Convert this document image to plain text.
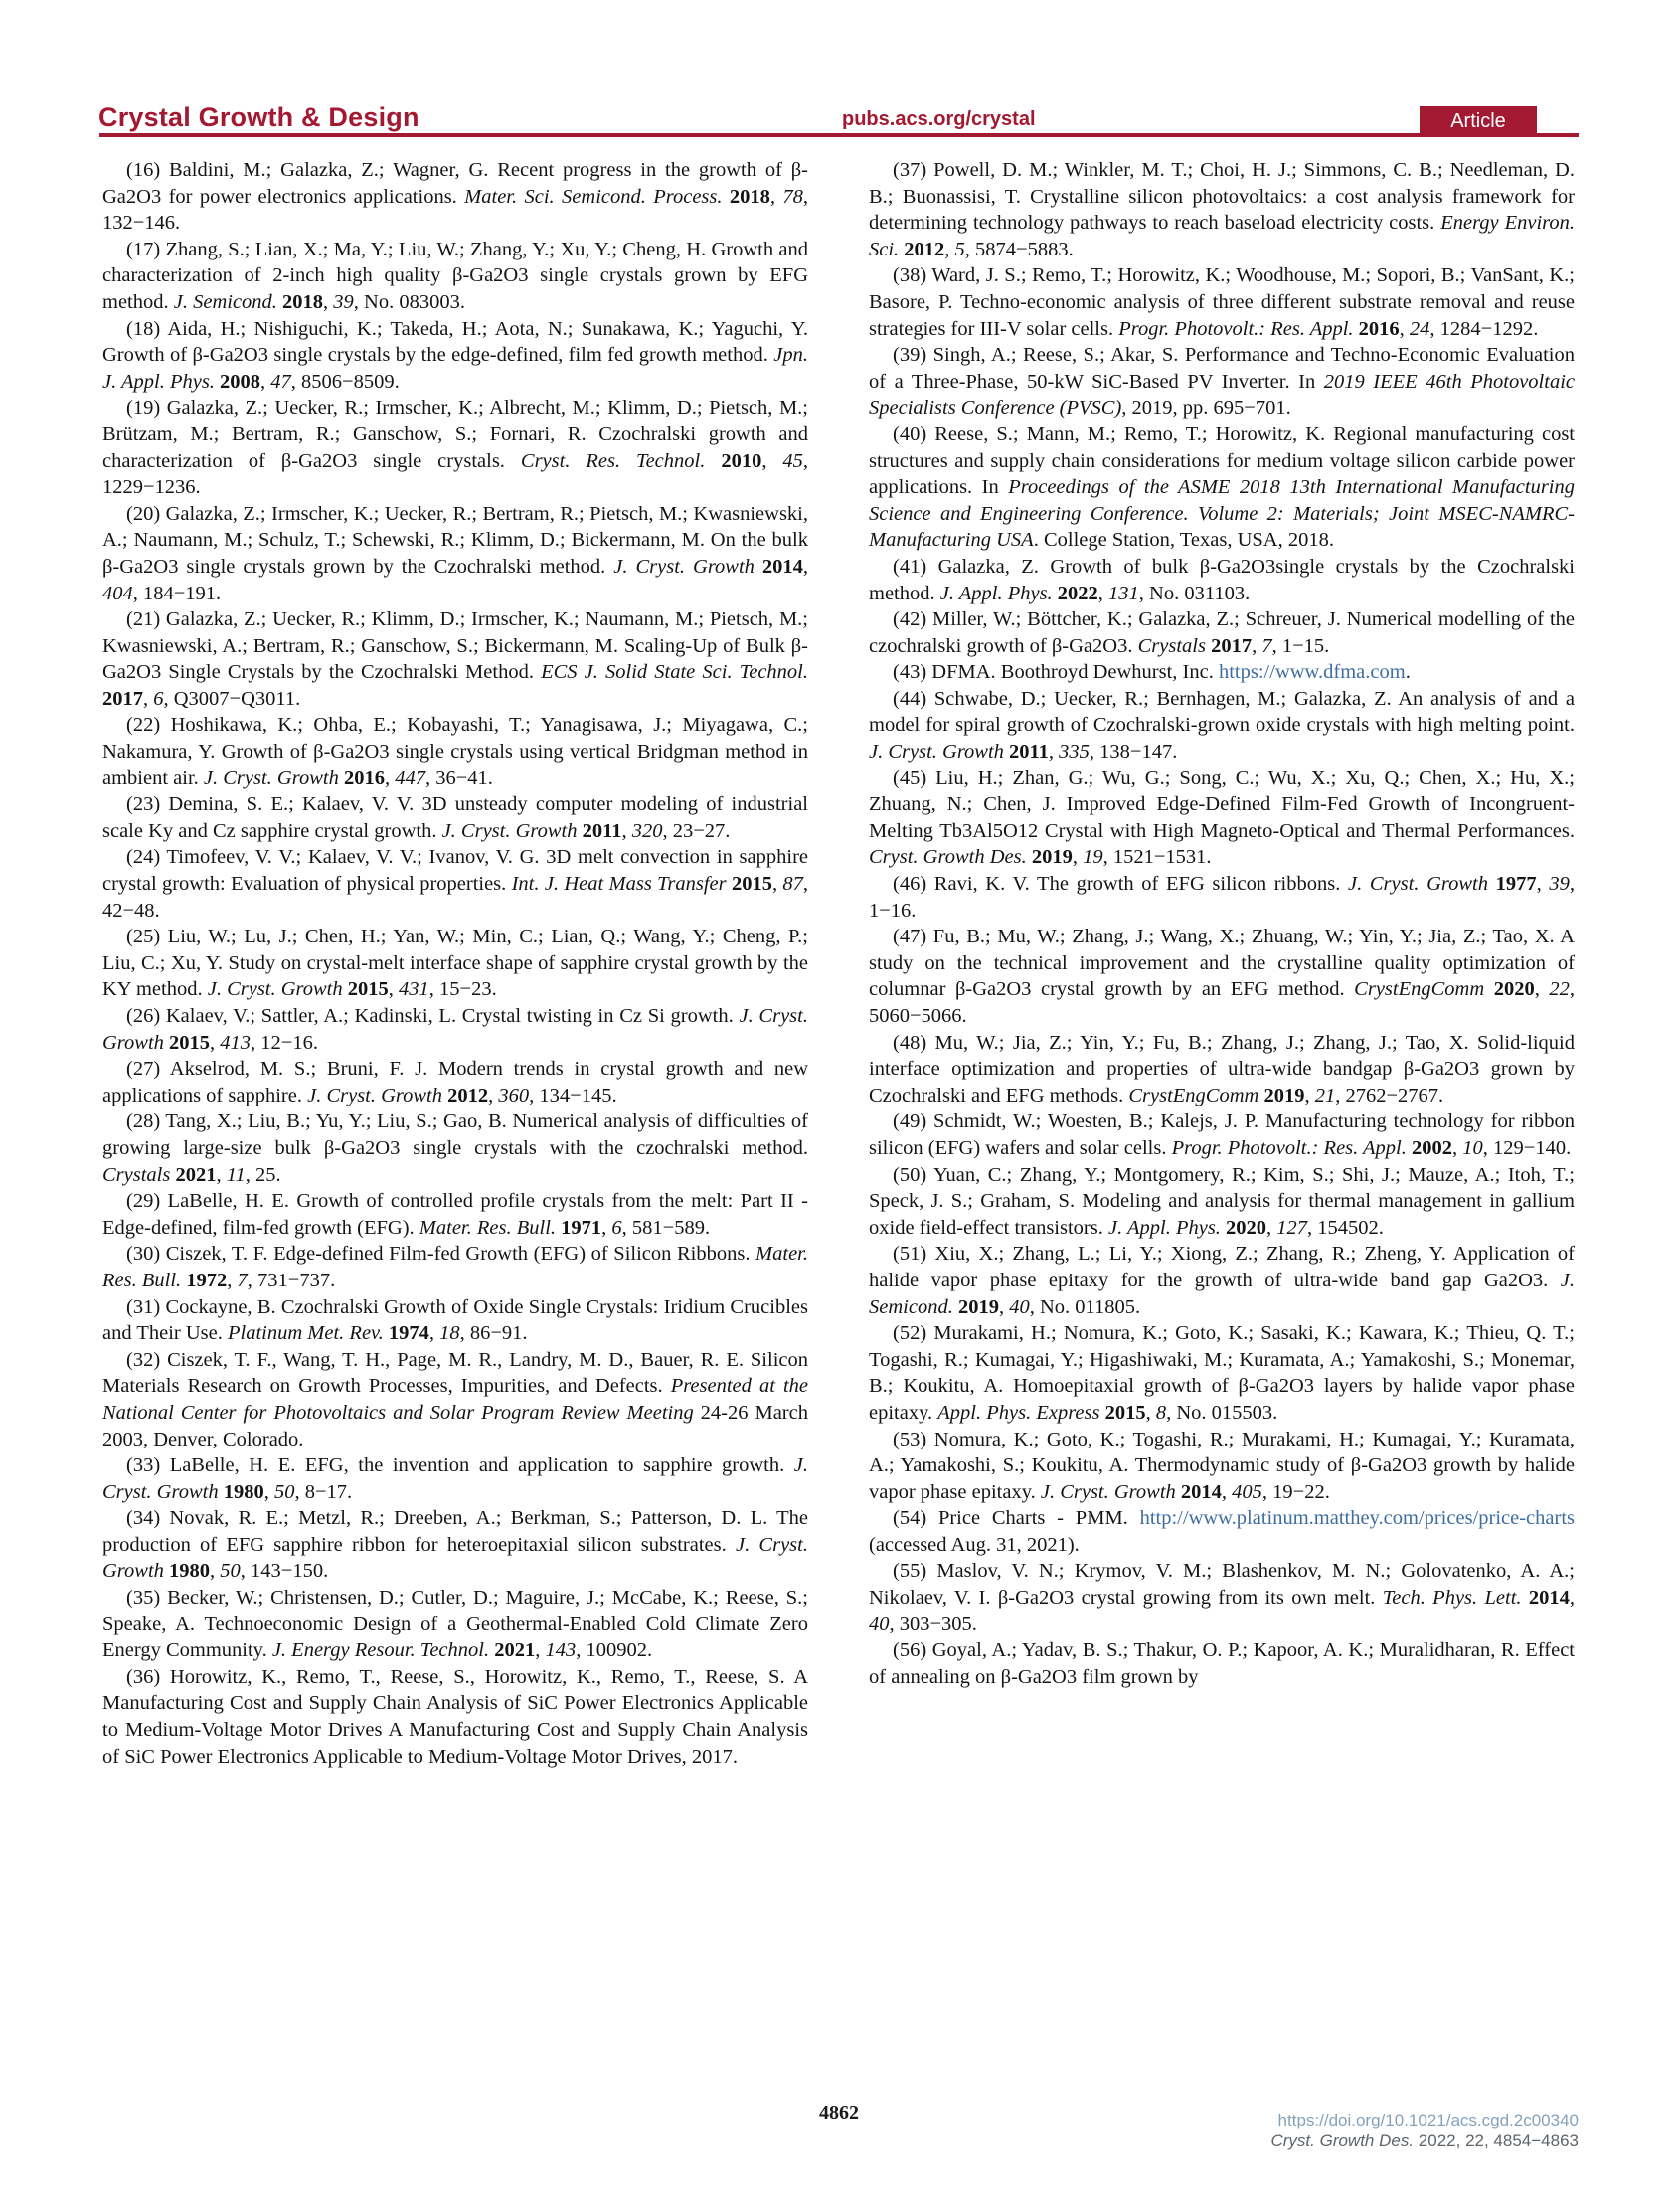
Crystal Growth & Design	pubs.acs.org/crystal	Article

(16) Baldini, M.; Galazka, Z.; Wagner, G. Recent progress in the growth of β-Ga2O3 for power electronics applications. Mater. Sci. Semicond. Process. 2018, 78, 132−146.

(17) Zhang, S.; Lian, X.; Ma, Y.; Liu, W.; Zhang, Y.; Xu, Y.; Cheng, H. Growth and characterization of 2-inch high quality β-Ga2O3 single crystals grown by EFG method. J. Semicond. 2018, 39, No. 083003.

(18) Aida, H.; Nishiguchi, K.; Takeda, H.; Aota, N.; Sunakawa, K.; Yaguchi, Y. Growth of β-Ga2O3 single crystals by the edge-defined, film fed growth method. Jpn. J. Appl. Phys. 2008, 47, 8506−8509.

(19) Galazka, Z.; Uecker, R.; Irmscher, K.; Albrecht, M.; Klimm, D.; Pietsch, M.; Brützam, M.; Bertram, R.; Ganschow, S.; Fornari, R. Czochralski growth and characterization of β-Ga2O3 single crystals. Cryst. Res. Technol. 2010, 45, 1229−1236.

(20) Galazka, Z.; Irmscher, K.; Uecker, R.; Bertram, R.; Pietsch, M.; Kwasniewski, A.; Naumann, M.; Schulz, T.; Schewski, R.; Klimm, D.; Bickermann, M. On the bulk β-Ga2O3 single crystals grown by the Czochralski method. J. Cryst. Growth 2014, 404, 184−191.

(21) Galazka, Z.; Uecker, R.; Klimm, D.; Irmscher, K.; Naumann, M.; Pietsch, M.; Kwasniewski, A.; Bertram, R.; Ganschow, S.; Bickermann, M. Scaling-Up of Bulk β-Ga2O3 Single Crystals by the Czochralski Method. ECS J. Solid State Sci. Technol. 2017, 6, Q3007−Q3011.

(22) Hoshikawa, K.; Ohba, E.; Kobayashi, T.; Yanagisawa, J.; Miyagawa, C.; Nakamura, Y. Growth of β-Ga2O3 single crystals using vertical Bridgman method in ambient air. J. Cryst. Growth 2016, 447, 36−41.

(23) Demina, S. E.; Kalaev, V. V. 3D unsteady computer modeling of industrial scale Ky and Cz sapphire crystal growth. J. Cryst. Growth 2011, 320, 23−27.

(24) Timofeev, V. V.; Kalaev, V. V.; Ivanov, V. G. 3D melt convection in sapphire crystal growth: Evaluation of physical properties. Int. J. Heat Mass Transfer 2015, 87, 42−48.

(25) Liu, W.; Lu, J.; Chen, H.; Yan, W.; Min, C.; Lian, Q.; Wang, Y.; Cheng, P.; Liu, C.; Xu, Y. Study on crystal-melt interface shape of sapphire crystal growth by the KY method. J. Cryst. Growth 2015, 431, 15−23.

(26) Kalaev, V.; Sattler, A.; Kadinski, L. Crystal twisting in Cz Si growth. J. Cryst. Growth 2015, 413, 12−16.

(27) Akselrod, M. S.; Bruni, F. J. Modern trends in crystal growth and new applications of sapphire. J. Cryst. Growth 2012, 360, 134−145.

(28) Tang, X.; Liu, B.; Yu, Y.; Liu, S.; Gao, B. Numerical analysis of difficulties of growing large-size bulk β-Ga2O3 single crystals with the czochralski method. Crystals 2021, 11, 25.

(29) LaBelle, H. E. Growth of controlled profile crystals from the melt: Part II - Edge-defined, film-fed growth (EFG). Mater. Res. Bull. 1971, 6, 581−589.

(30) Ciszek, T. F. Edge-defined Film-fed Growth (EFG) of Silicon Ribbons. Mater. Res. Bull. 1972, 7, 731−737.

(31) Cockayne, B. Czochralski Growth of Oxide Single Crystals: Iridium Crucibles and Their Use. Platinum Met. Rev. 1974, 18, 86−91.

(32) Ciszek, T. F., Wang, T. H., Page, M. R., Landry, M. D., Bauer, R. E. Silicon Materials Research on Growth Processes, Impurities, and Defects. Presented at the National Center for Photovoltaics and Solar Program Review Meeting 24-26 March 2003, Denver, Colorado.

(33) LaBelle, H. E. EFG, the invention and application to sapphire growth. J. Cryst. Growth 1980, 50, 8−17.

(34) Novak, R. E.; Metzl, R.; Dreeben, A.; Berkman, S.; Patterson, D. L. The production of EFG sapphire ribbon for heteroepitaxial silicon substrates. J. Cryst. Growth 1980, 50, 143−150.

(35) Becker, W.; Christensen, D.; Cutler, D.; Maguire, J.; McCabe, K.; Reese, S.; Speake, A. Technoeconomic Design of a Geothermal-Enabled Cold Climate Zero Energy Community. J. Energy Resour. Technol. 2021, 143, 100902.

(36) Horowitz, K., Remo, T., Reese, S., Horowitz, K., Remo, T., Reese, S. A Manufacturing Cost and Supply Chain Analysis of SiC Power Electronics Applicable to Medium-Voltage Motor Drives A Manufacturing Cost and Supply Chain Analysis of SiC Power Electronics Applicable to Medium-Voltage Motor Drives, 2017.

(37) Powell, D. M.; Winkler, M. T.; Choi, H. J.; Simmons, C. B.; Needleman, D. B.; Buonassisi, T. Crystalline silicon photovoltaics: a cost analysis framework for determining technology pathways to reach baseload electricity costs. Energy Environ. Sci. 2012, 5, 5874−5883.

(38) Ward, J. S.; Remo, T.; Horowitz, K.; Woodhouse, M.; Sopori, B.; VanSant, K.; Basore, P. Techno-economic analysis of three different substrate removal and reuse strategies for III-V solar cells. Progr. Photovolt.: Res. Appl. 2016, 24, 1284−1292.

(39) Singh, A.; Reese, S.; Akar, S. Performance and Techno-Economic Evaluation of a Three-Phase, 50-kW SiC-Based PV Inverter. In 2019 IEEE 46th Photovoltaic Specialists Conference (PVSC), 2019, pp. 695−701.

(40) Reese, S.; Mann, M.; Remo, T.; Horowitz, K. Regional manufacturing cost structures and supply chain considerations for medium voltage silicon carbide power applications. In Proceedings of the ASME 2018 13th International Manufacturing Science and Engineering Conference. Volume 2: Materials; Joint MSEC-NAMRC-Manufacturing USA. College Station, Texas, USA, 2018.

(41) Galazka, Z. Growth of bulk β-Ga2O3single crystals by the Czochralski method. J. Appl. Phys. 2022, 131, No. 031103.

(42) Miller, W.; Böttcher, K.; Galazka, Z.; Schreuer, J. Numerical modelling of the czochralski growth of β-Ga2O3. Crystals 2017, 7, 1−15.

(43) DFMA. Boothroyd Dewhurst, Inc. https://www.dfma.com.

(44) Schwabe, D.; Uecker, R.; Bernhagen, M.; Galazka, Z. An analysis of and a model for spiral growth of Czochralski-grown oxide crystals with high melting point. J. Cryst. Growth 2011, 335, 138−147.

(45) Liu, H.; Zhan, G.; Wu, G.; Song, C.; Wu, X.; Xu, Q.; Chen, X.; Hu, X.; Zhuang, N.; Chen, J. Improved Edge-Defined Film-Fed Growth of Incongruent-Melting Tb3Al5O12 Crystal with High Magneto-Optical and Thermal Performances. Cryst. Growth Des. 2019, 19, 1521−1531.

(46) Ravi, K. V. The growth of EFG silicon ribbons. J. Cryst. Growth 1977, 39, 1−16.

(47) Fu, B.; Mu, W.; Zhang, J.; Wang, X.; Zhuang, W.; Yin, Y.; Jia, Z.; Tao, X. A study on the technical improvement and the crystalline quality optimization of columnar β-Ga2O3 crystal growth by an EFG method. CrystEngComm 2020, 22, 5060−5066.

(48) Mu, W.; Jia, Z.; Yin, Y.; Fu, B.; Zhang, J.; Zhang, J.; Tao, X. Solid-liquid interface optimization and properties of ultra-wide bandgap β-Ga2O3 grown by Czochralski and EFG methods. CrystEngComm 2019, 21, 2762−2767.

(49) Schmidt, W.; Woesten, B.; Kalejs, J. P. Manufacturing technology for ribbon silicon (EFG) wafers and solar cells. Progr. Photovolt.: Res. Appl. 2002, 10, 129−140.

(50) Yuan, C.; Zhang, Y.; Montgomery, R.; Kim, S.; Shi, J.; Mauze, A.; Itoh, T.; Speck, J. S.; Graham, S. Modeling and analysis for thermal management in gallium oxide field-effect transistors. J. Appl. Phys. 2020, 127, 154502.

(51) Xiu, X.; Zhang, L.; Li, Y.; Xiong, Z.; Zhang, R.; Zheng, Y. Application of halide vapor phase epitaxy for the growth of ultra-wide band gap Ga2O3. J. Semicond. 2019, 40, No. 011805.

(52) Murakami, H.; Nomura, K.; Goto, K.; Sasaki, K.; Kawara, K.; Thieu, Q. T.; Togashi, R.; Kumagai, Y.; Higashiwaki, M.; Kuramata, A.; Yamakoshi, S.; Monemar, B.; Koukitu, A. Homoepitaxial growth of β-Ga2O3 layers by halide vapor phase epitaxy. Appl. Phys. Express 2015, 8, No. 015503.

(53) Nomura, K.; Goto, K.; Togashi, R.; Murakami, H.; Kumagai, Y.; Kuramata, A.; Yamakoshi, S.; Koukitu, A. Thermodynamic study of β-Ga2O3 growth by halide vapor phase epitaxy. J. Cryst. Growth 2014, 405, 19−22.

(54) Price Charts - PMM. http://www.platinum.matthey.com/prices/price-charts (accessed Aug. 31, 2021).

(55) Maslov, V. N.; Krymov, V. M.; Blashenkov, M. N.; Golovatenko, A. A.; Nikolaev, V. I. β-Ga2O3 crystal growing from its own melt. Tech. Phys. Lett. 2014, 40, 303−305.

(56) Goyal, A.; Yadav, B. S.; Thakur, O. P.; Kapoor, A. K.; Muralidharan, R. Effect of annealing on β-Ga2O3 film grown by

4862	https://doi.org/10.1021/acs.cgd.2c00340
Cryst. Growth Des. 2022, 22, 4854−4863
